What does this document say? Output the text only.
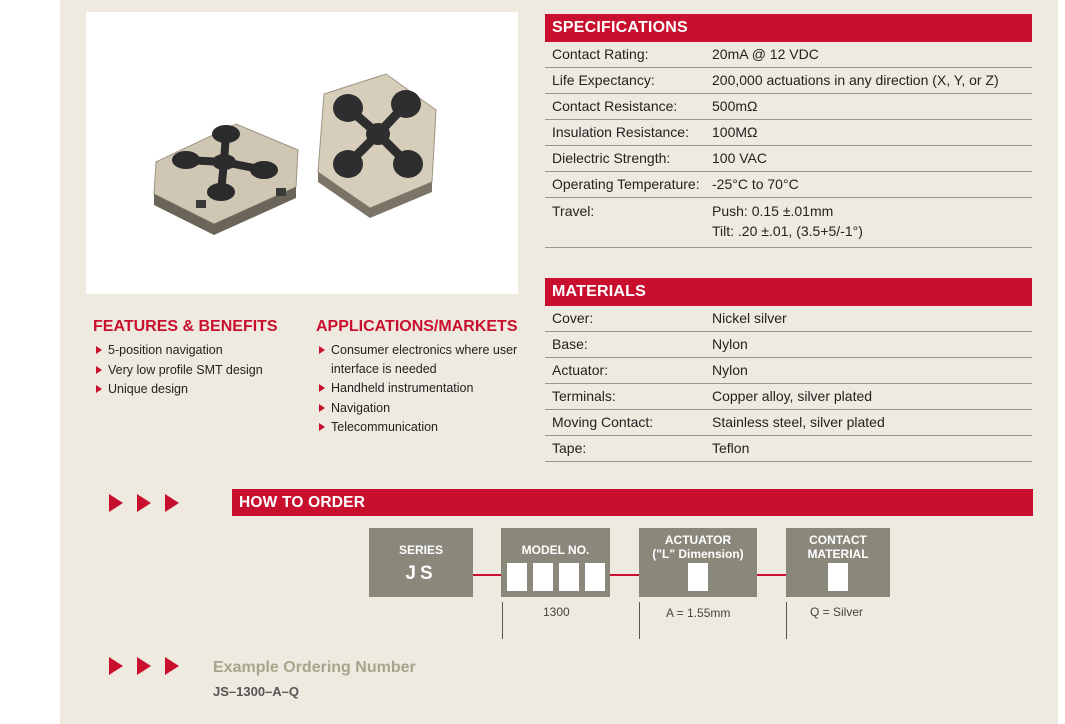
SPECIFICATIONS
Contact Rating:	20mA @ 12 VDC
Life Expectancy:	200,000 actuations in any direction (X, Y, or Z)
Contact Resistance:	500mΩ
Insulation Resistance:	100MΩ
Dielectric Strength:	100 VAC
Operating Temperature: -25°C to 70°C
Travel:	Push: 0.15 ±.01mm
Tilt: .20 ±.01, (3.5+5/-1°)
MATERIALS
Cover:	Nickel silver
Base:	Nylon
Actuator:	Nylon
Terminals:	Copper alloy, silver plated
Moving Contact:	Stainless steel, silver plated
Tape:	Teflon
FEATURES & BENEFITS
5-position navigation
Very low profile SMT design
Unique design
APPLICATIONS/MARKETS
Consumer electronics where user interface is needed
Handheld instrumentation
Navigation
Telecommunication
HOW TO ORDER
SERIES
JS
MODEL NO.
ACTUATOR
("L" Dimension)
CONTACT
MATERIAL
1300	A = 1.55mm	Q = Silver
Example Ordering Number
JS–1300–A–Q
